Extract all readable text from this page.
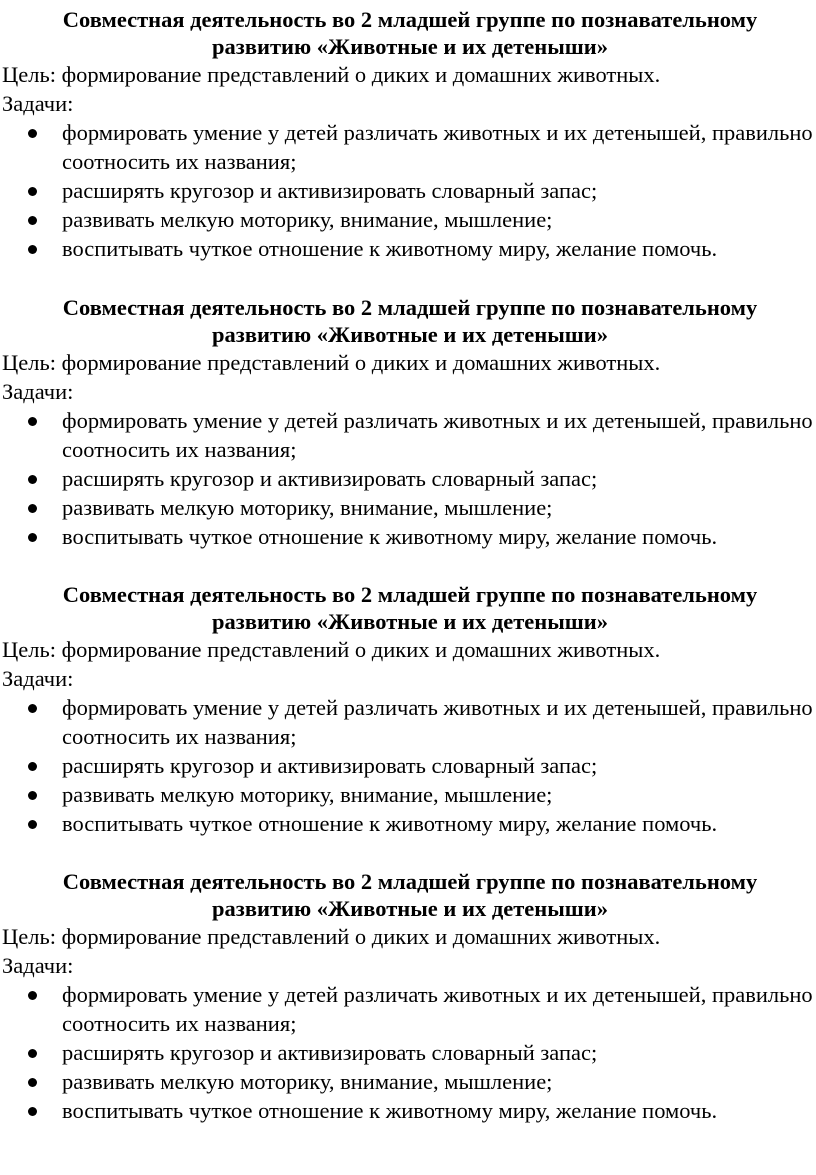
Совместная деятельность во 2 младшей группе по познавательному
развитию «Животные и их детеныши»

Цель: формирование представлений о диких и домашних животных.

Задачи:

формировать умение у детей различать животных и их детенышей, правильно соотносить их названия;
расширять кругозор и активизировать словарный запас;
развивать мелкую моторику, внимание, мышление;
воспитывать чуткое отношение к животному миру, желание помочь.

Совместная деятельность во 2 младшей группе по познавательному
развитию «Животные и их детеныши»

Цель: формирование представлений о диких и домашних животных.

Задачи:

формировать умение у детей различать животных и их детенышей, правильно соотносить их названия;
расширять кругозор и активизировать словарный запас;
развивать мелкую моторику, внимание, мышление;
воспитывать чуткое отношение к животному миру, желание помочь.

Совместная деятельность во 2 младшей группе по познавательному
развитию «Животные и их детеныши»

Цель: формирование представлений о диких и домашних животных.

Задачи:

формировать умение у детей различать животных и их детенышей, правильно соотносить их названия;
расширять кругозор и активизировать словарный запас;
развивать мелкую моторику, внимание, мышление;
воспитывать чуткое отношение к животному миру, желание помочь.

Совместная деятельность во 2 младшей группе по познавательному
развитию «Животные и их детеныши»

Цель: формирование представлений о диких и домашних животных.

Задачи:

формировать умение у детей различать животных и их детенышей, правильно соотносить их названия;
расширять кругозор и активизировать словарный запас;
развивать мелкую моторику, внимание, мышление;
воспитывать чуткое отношение к животному миру, желание помочь.
